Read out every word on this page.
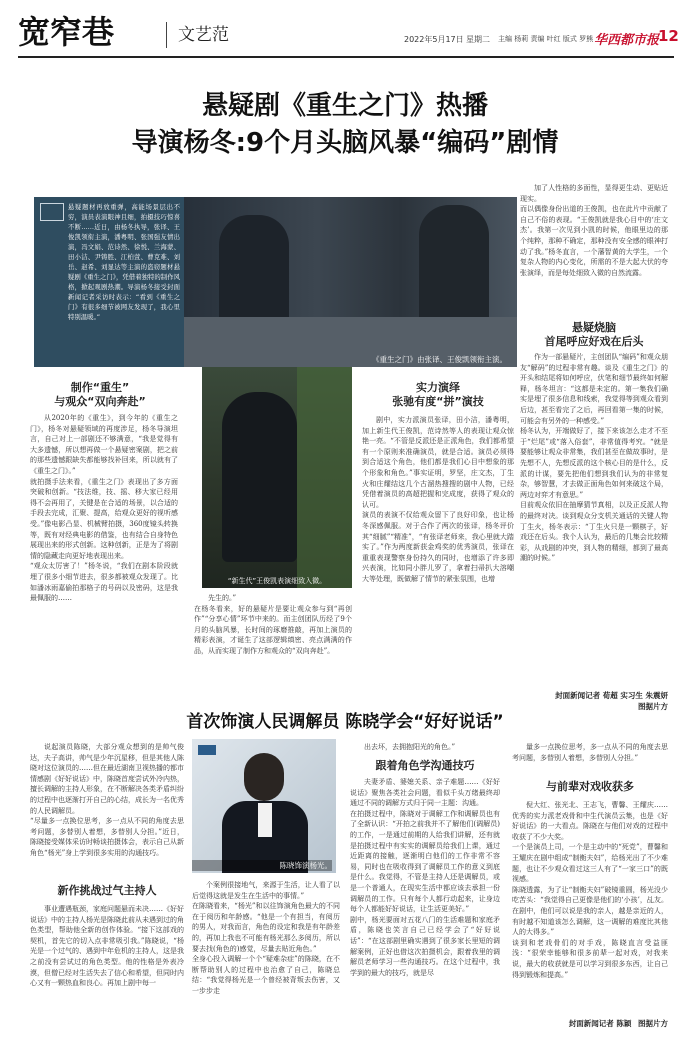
宽窄巷	文艺范	2022年5月17日 星期二 主编 杨莉 责编 叶红 版式 罗熊 华西都市报
12
悬疑剧《重生之门》热播
导演杨冬:9个月头脑风暴“编码”剧情
悬疑题材再放重弹，高能场景层出不穷，演员表演眼神且细，拍摄技巧惊喜不断……近日，由杨冬执导，张译、王俊凯领衔主演，潘粤明、张国强友情出演，冯文娟、范诗然、徐悦、兰海蒙、田小洁、尹铸胜、江柏萱、曹克难、刘岳、赵希、刘显达等主演的盗窃题材悬疑剧《重生之门》，凭借着独特的制作风格，掀起观剧热潮。导演杨冬接受封面新闻记者采访时表示：“看到《重生之门》有很多细节被网友发现了，我心里特别温暖。”
《重生之门》由张译、王俊凯领衔主演。
制作“重生”
与观众“双向奔赴”
从2020年的《重生》，到今年的《重生之门》，杨冬对悬疑领域的再度涉足，杨冬导演坦言，自己对上一部剧还不够满意，“我是觉得有大多遗憾，所以想再做一个悬疑密案剧，把之前的那些遗憾跟缺失都能够找补回来，所以就有了《重生之门》。”
就拍摄手法来看，《重生之门》表现出了多方面突破和创新。“技法维，技、摇、移大家已经用得不会再用了，关键是在合适的场景，以合适的手段去完成，汇聚、提高，给观众更好的视听感受。”像电影凸显、机械臂拍摄，360度镜头转换等，既有对经典电影的借鉴，也有结合自身特色展现出来的形式创新。这种创新，正是为了将剧情的隐藏走向更好地表现出来。
“观众太厉害了！”杨冬说，“我们在剧本阶段就埋了很多小细节进去，很多都被观众发现了。比如潘冰雨嘉偷拍那格子的号码以及密码，这是我最佩服的……
“新生代”王俊凯表演细致入微。
先生的。”
在杨冬看来，好的悬疑片是要让观众参与到“再创作”“分享心情”环节中来的。而主创团队历经了9个月的头脑风暴，长时间的琢磨推敲，再加上演员的精彩表演，才诞生了这部逻辑缜密、亮点满满的作品，从而实现了制作方和观众的“双向奔赴”。
实力演绎
张驰有度“拼”演技
剧中，实力派演员张译，田小洁，潘粤明，加上新生代王俊凯，范诗然等人的表现让观众惊艳一亮。“不管是反派还是正派角色，我们都希望有一个原则来准确演员，就是合适。演员必须得到合适这个角色，他们都是我们心目中想象的那个形象和角色。”事实证明，罗坚，庄文杰，丁生火和庄耀结这几个古溜热搜搜的剧中人物，已经凭借着演员的高超把握和完成度，获得了观众的认可。
演员的表演不仅给观众留下了良好印象，也让杨冬深感佩服。对于合作了两次的张译，杨冬评价其“细腻”“精准”，“有张译老师来，我心里就大踏实了。”作为两度新获金鸡奖的优秀演员，张译在重重表现警察身份持久的同时，也增添了许多即兴表演，比如同小胖儿罗了，拿着扫帚扒大溶嘲大等处理，既做解了情节的紧张氛围，也增
加了人性格的多面性，显得更生动、更贴近现实。
而以偶像身份出道的王俊凯，也在此片中贡献了自己不俗的表现。“王俊凯就是我心目中的‘庄文杰’。我第一次见到小凯的时候，他眼里边的那个纯粹，那种不确定，那种没有安全感的眼神打动了我。”杨冬直言，一个藩智黄的大学生，一个复杂人物的内心变化，所需的不是大起大伏的夸张演绎，而是每处细致入微的自然流露。
悬疑烧脑
首尾呼应好戏在后头
作为一部悬疑片，主创团队“编码”和观众朋友“解码”的过程非常有趣。谈及《重生之门》的开头和结尾将如何呼应，伏笔和细节最终如何解释，杨冬坦言：“这都是未定的。第一集我们确实是埋了很多信息和线索，我觉得等到观众看到后边，甚至看完了之后，再回看第一集的时候，可能会有另外的一种感受。”
杨冬认为，开端做好了，接下来该怎么走才不至于“烂尾”或“落入俗套”，非常值得考究。“就是要能够让观众非常集，我们甚至在做故事时，是先想不人，先想反派的这个核心目的是什么，反派的计谋，要先把他们想到我们认为的非常复杂，够智慧，才去做正面角色如何来破这个局，两边对弈才有意思。”
目前观众依旧在抽摩猜节真相，以及正反派人物的最终对决。谈到观众分支机关通话的关键人物丁生火，杨冬表示：“丁生火只是一颗棋子，好戏还在后头。我个人认为，最后的几集会比较精彩，从戏剧的冲突，到人物的精细，都到了最高潮的时候。”
封面新闻记者 荀超 实习生 朱震妍
图据片方
首次饰演人民调解员 陈晓学会“好好说话”
说起演员陈晓，大部分观众想到的是帅气俊达，夫子高讲，帅气是少年沉星移，但是其他人陈晓对这位演员的……但在最近湖南卫视热播的都市情感剧《好好说话》中，陈晓首度尝试外冷内热，擅长调解的主持人形象，在不断解决各类矛盾纠纷的过程中也逐渐打开自己的心结，成长为一名优秀的人民调解员。
“尽量多一点换位思考，多一点从不同的角度去思考问题，多替别人着想，多替别人分担。”近日，陈晓接受媒体采访时畅谈拍摄体会，表示自己从新角色“杨光”身上学到很多实用的沟通技巧。
新作挑战过气主持人
事业遭遇瓶颈，家庭问题悬而未决……《好好说话》中的主持人杨光是陈晓此前从未遇到过的角色类型，帮助他全新的创作体验。“接下这部戏的契机，首先它的切入点非常吸引我。”陈晓说，“杨光是一个过气的、遇到中年危机的主持人，这是我之前没有尝试过的角色类型。他的性格是外表冷漠，但僧已经对生活失去了信心和希望，但同时内心又有一颗热血和良心。再加上剧中每一
陈晓饰演杨光。
个案例很接地气，来源于生活，让人看了以后觉得这就是发生在生活中的事情。”
在陈晓看来，“杨光”和以往饰演角色最大的不同在于阅历和年龄感。“他是一个有担当，有阅历的男人，对我而言，角色的设定和我是有年龄差的，再加上我也不可能有杨光那么多阅历，所以要去找(角色的)感觉，尽量去贴近角色。”
全身心投入调解一个个“疑难杂症”的陈晓，在不断帮助别人的过程中也治愈了自己，陈晓总结：“我觉得杨光是一个曾经被背叛去伤害，又一步步走
出去坏，去拥抱阳光的角色。”
跟着角色学沟通技巧
夫妻矛盾、婆媳关系、亲子难题……《好好说话》聚焦各类社会问题，看似千头万绪最终却通过不同的调解方式归于同一主题：沟通。
在拍摄过程中，陈晓对于调解工作和调解员也有了全新认识：“开拍之前我并不了解他们(调解员)的工作，一是通过前期的人给我们讲解，还有就是拍摄过程中有实实的调解员给我们上课，通过近距离的接触，逐渐明白他们的工作非常不容易，同时也在吸收得到了调解员工作的意义到底是什么。我觉得，不管是主持人还是调解员，或是一个普通人，在现实生活中都应该去承担一份调解员的工作。只有每个人都行动起来，让身边每个人都能好好说话，让生活更美好。”
剧中，杨光要面对五花八门的生活难题和家庭矛盾，陈晓也笑言自己已经学会了“好好说话”：“在这部剧里确实遇到了很多家长里短的调解案例，正好也借这次拍摄机会，跟着我里的调解员老师学习一些沟通技巧。在这个过程中，我学到的最大的技巧，就是尽
量多一点换位思考，多一点从不同的角度去思考问题，多替别人着想，多替别人分担。”
与前辈对戏收获多
倪大红、张光北、王志飞，曹馨、王耀庆……优秀的实力派老戏骨和中生代演员云集，也是《好好说话》的一大看点。陈晓在与他们对戏的过程中收获了不少大奖。
一个是演员上司，一个是主动中的“死党”，曹馨和王耀庆在剧中组成“制衡夫妇”，给杨光出了不少难题，也让不少观众看过这三人有了“一家三口”的既视感。
陈晓透露，为了让“制衡夫妇”破镜重圆，杨光没少吃苦头：“我觉得自己更像是他们的‘小孩’，乩友。在剧中，他们可以说是我的亲人，越是亲近的人，有时越不知道该怎么调解，这一调解的难度比其他人的大得多。”
谈到和老戏骨们的对手戏，陈晓直言受益匪浅：“很荣幸能够和很多前辈一起对戏，对我来说，最大的收获就是可以学习到很多东西，让自己得到锻炼和提高。”
封面新闻记者 陈颖 图据片方
